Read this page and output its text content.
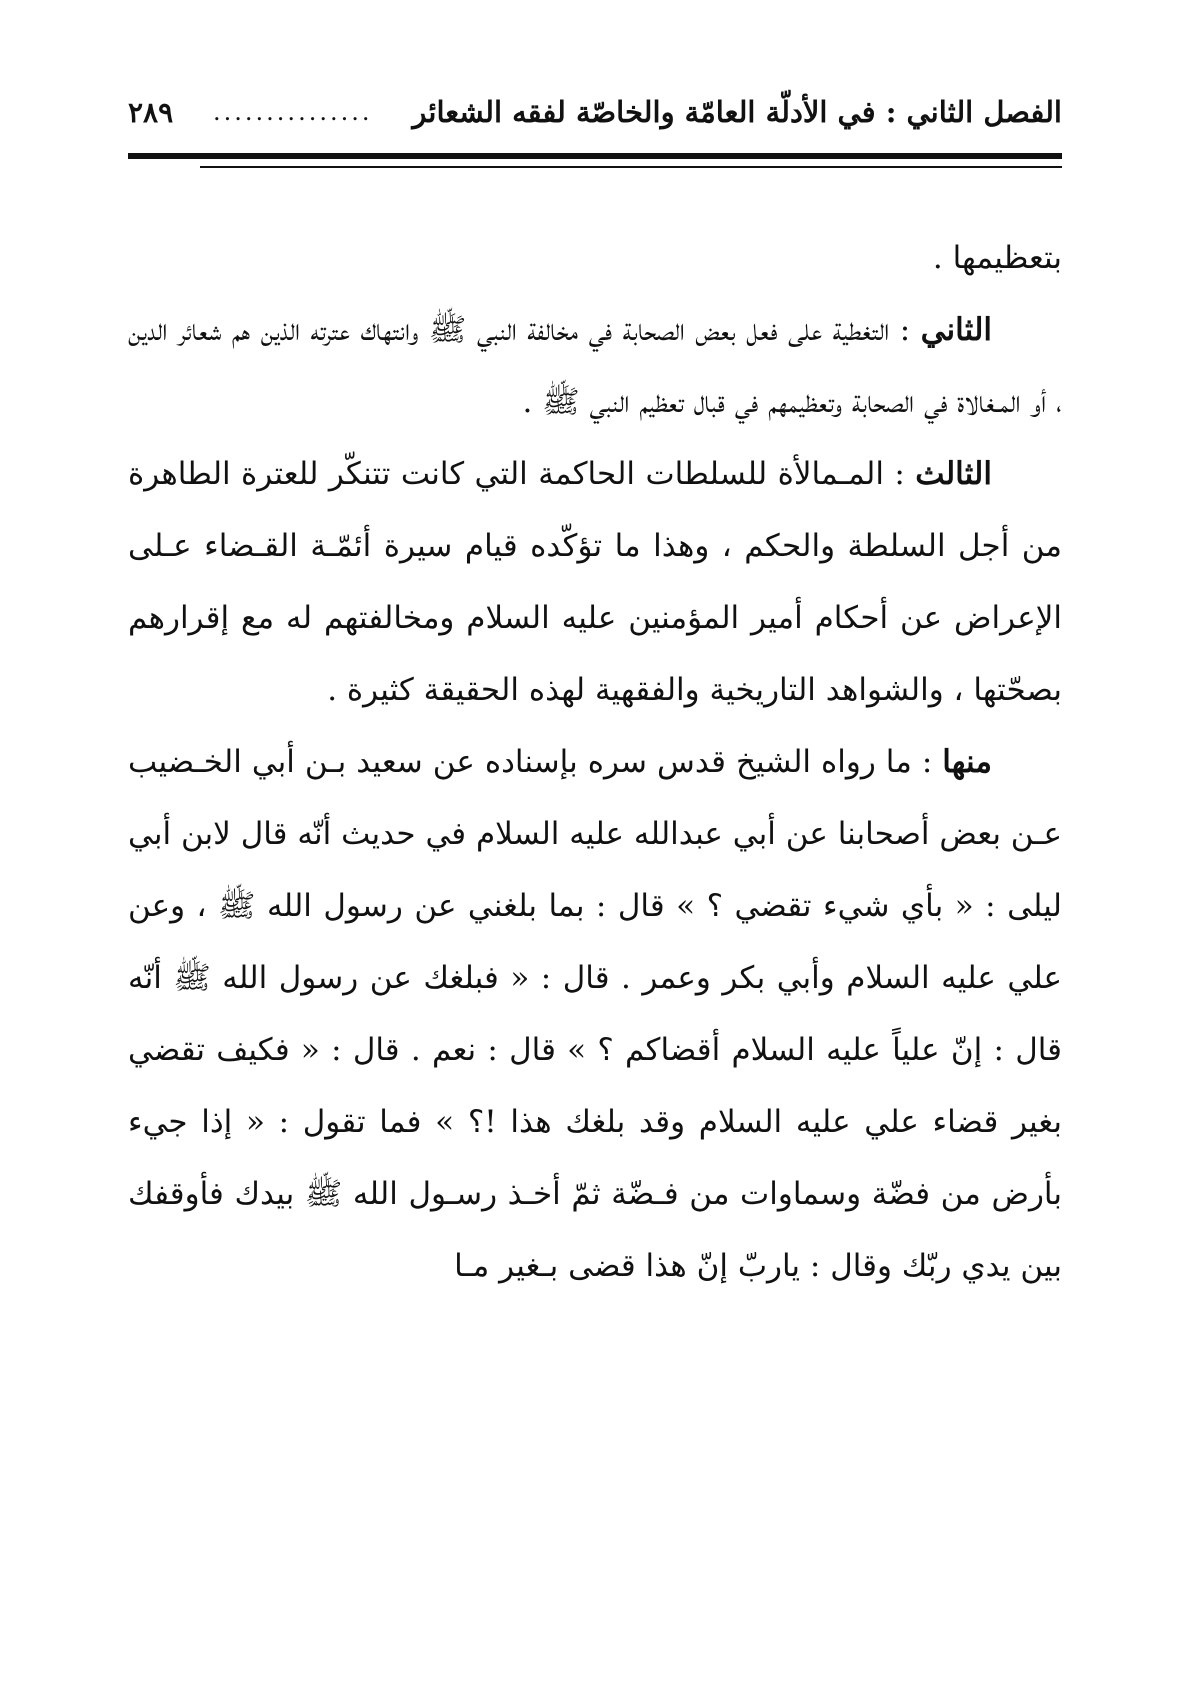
الفصل الثاني : في الأدلّة العامّة والخاصّة لفقه الشعائر
...............
٢٨٩

بتعظيمها .

الثاني : التغطية على فعل بعض الصحابة في مخالفة النبي ﷺ وانتهاك عترته الذين هم شعائر الدين ، أو المـغالاة في الصحابة وتعظيمهم في قبال تعظيم النبي ﷺ .

الثالث : المـمالأة للسلطات الحاكمة التي كانت تتنكّر للعترة الطاهرة من أجل السلطة والحكم ، وهذا ما تؤكّده قيام سيرة أئمّـة القـضاء عـلى الإعراض عن أحكام أمير المؤمنين عليه السلام ومخالفتهم له مع إقرارهم بصحّتها ، والشواهد التاريخية والفقهية لهذه الحقيقة كثيرة .

منها : ما رواه الشيخ قدس سره بإسناده عن سعيد بـن أبي الخـضيب عـن بعض أصحابنا عن أبي عبدالله عليه السلام في حديث أنّه قال لابن أبي ليلى : « بأي شيء تقضي ؟ » قال : بما بلغني عن رسول الله ﷺ ، وعن علي عليه السلام وأبي بكر وعمر . قال : « فبلغك عن رسول الله ﷺ أنّه قال : إنّ علياً عليه السلام أقضاكم ؟ » قال : نعم . قال : « فكيف تقضي بغير قضاء علي عليه السلام وقد بلغك هذا !؟ » فما تقول : « إذا جيء بأرض من فضّة وسماوات من فـضّة ثمّ أخـذ رسـول الله ﷺ بيدك فأوقفك بين يدي ربّك وقال : ياربّ إنّ هذا قضى بـغير مـا
